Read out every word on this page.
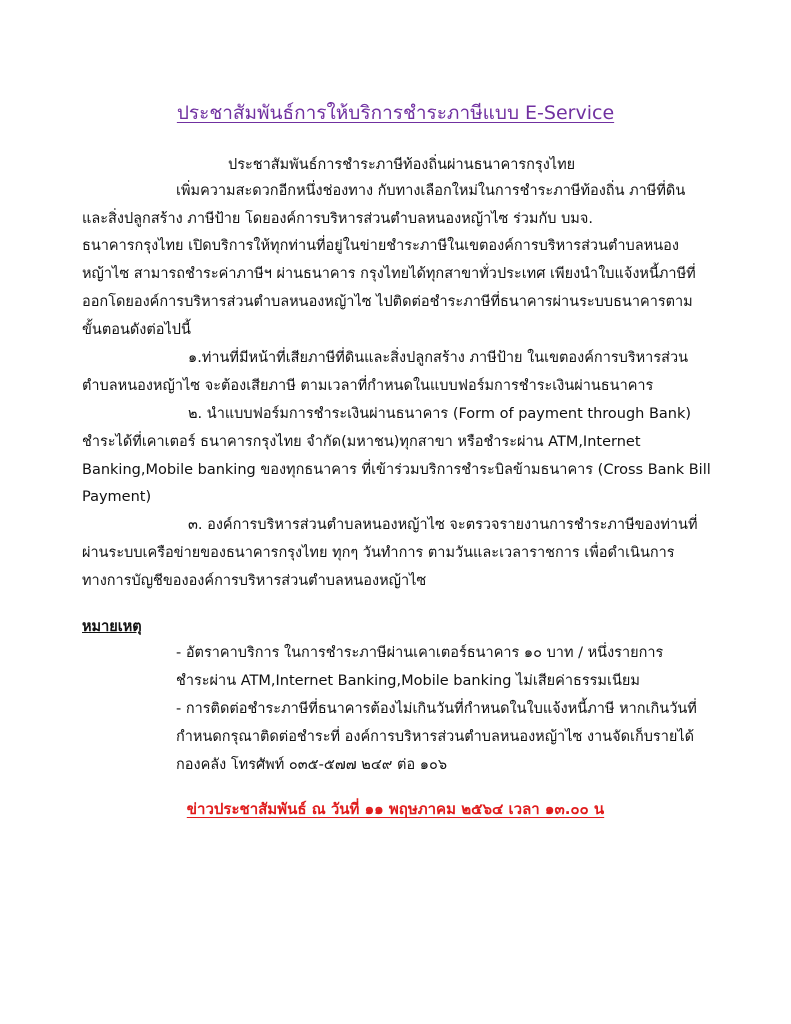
ประชาสัมพันธ์การให้บริการชำระภาษีแบบ E-Service
ประชาสัมพันธ์การชำระภาษีท้องถิ่นผ่านธนาคารกรุงไทย
เพิ่มความสะดวกอีกหนึ่งช่องทาง กับทางเลือกใหม่ในการชำระภาษีท้องถิ่น ภาษีที่ดิน
และสิ่งปลูกสร้าง ภาษีป้าย โดยองค์การบริหารส่วนตำบลหนองหญ้าไซ ร่วมกับ บมจ.
ธนาคารกรุงไทย เปิดบริการให้ทุกท่านที่อยู่ในข่ายชำระภาษีในเขตองค์การบริหารส่วนตำบลหนอง
หญ้าไซ สามารถชำระค่าภาษีฯ ผ่านธนาคาร กรุงไทยได้ทุกสาขาทั่วประเทศ เพียงนำใบแจ้งหนี้ภาษีที่
ออกโดยองค์การบริหารส่วนตำบลหนองหญ้าไซ ไปติดต่อชำระภาษีที่ธนาคารผ่านระบบธนาคารตาม
ขั้นตอนดังต่อไปนี้
๑.ท่านที่มีหน้าที่เสียภาษีที่ดินและสิ่งปลูกสร้าง ภาษีป้าย ในเขตองค์การบริหารส่วน
ตำบลหนองหญ้าไซ จะต้องเสียภาษี ตามเวลาที่กำหนดในแบบฟอร์มการชำระเงินผ่านธนาคาร
๒. นำแบบฟอร์มการชำระเงินผ่านธนาคาร (Form of payment through Bank)
ชำระได้ที่เคาเตอร์ ธนาคารกรุงไทย จำกัด(มหาชน)ทุกสาขา หรือชำระผ่าน ATM,Internet
Banking,Mobile banking ของทุกธนาคาร ที่เข้าร่วมบริการชำระบิลข้ามธนาคาร (Cross Bank Bill
Payment)
๓. องค์การบริหารส่วนตำบลหนองหญ้าไซ จะตรวจรายงานการชำระภาษีของท่านที่
ผ่านระบบเครือข่ายของธนาคารกรุงไทย ทุกๆ วันทำการ ตามวันและเวลาราชการ เพื่อดำเนินการ
ทางการบัญชีขององค์การบริหารส่วนตำบลหนองหญ้าไซ
หมายเหตุ
- อัตราคาบริการ ในการชำระภาษีผ่านเคาเตอร์ธนาคาร ๑๐ บาท / หนึ่งรายการ
ชำระผ่าน ATM,Internet Banking,Mobile banking ไม่เสียค่าธรรมเนียม
- การติดต่อชำระภาษีที่ธนาคารต้องไม่เกินวันที่กำหนดในใบแจ้งหนี้ภาษี หากเกินวันที่
กำหนดกรุณาติดต่อชำระที่ องค์การบริหารส่วนตำบลหนองหญ้าไซ งานจัดเก็บรายได้
กองคลัง โทรศัพท์ ๐๓๕-๕๗๗ ๒๔๙ ต่อ ๑๐๖
ข่าวประชาสัมพันธ์ ณ วันที่ ๑๑ พฤษภาคม ๒๕๖๔ เวลา ๑๓.๐๐ น
